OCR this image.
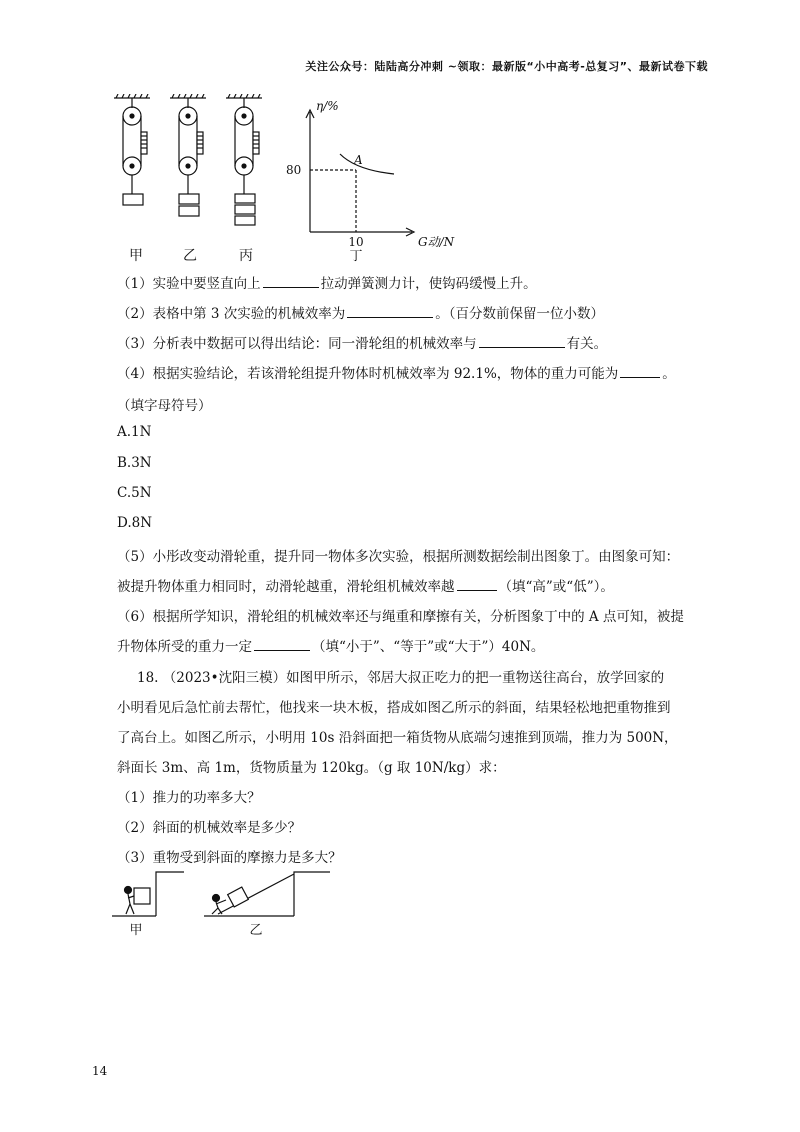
关注公众号：陆陆高分冲刺 ~领取：最新版“小中高考-总复习”、最新试卷下载
甲	乙	丙
η/%
80
A
10
丁
G动/N
（1）实验中要竖直向上	拉动弹簧测力计，使钩码缓慢上升。
（2）表格中第 3 次实验的机械效率为	。（百分数前保留一位小数）
（3）分析表中数据可以得出结论：同一滑轮组的机械效率与	有关。
（4）根据实验结论，若该滑轮组提升物体时机械效率为 92.1%，物体的重力可能为	。
（填字母符号）
A.1N
B.3N
C.5N
D.8N
（5）小彤改变动滑轮重，提升同一物体多次实验，根据所测数据绘制出图象丁。由图象可知：
被提升物体重力相同时，动滑轮越重，滑轮组机械效率越	（填“高”或“低”）。
（6）根据所学知识，滑轮组的机械效率还与绳重和摩擦有关，分析图象丁中的 A 点可知，被提
升物体所受的重力一定	（填“小于”、“等于”或“大于”）40N。
18. （2023•沈阳三模）如图甲所示，邻居大叔正吃力的把一重物送往高台，放学回家的
小明看见后急忙前去帮忙，他找来一块木板，搭成如图乙所示的斜面，结果轻松地把重物推到
了高台上。如图乙所示，小明用 10s 沿斜面把一箱货物从底端匀速推到顶端，推力为 500N，
斜面长 3m、高 1m，货物质量为 120kg。（g 取 10N/kg）求：
（1）推力的功率多大？
（2）斜面的机械效率是多少？
（3）重物受到斜面的摩擦力是多大？
甲	乙
14
